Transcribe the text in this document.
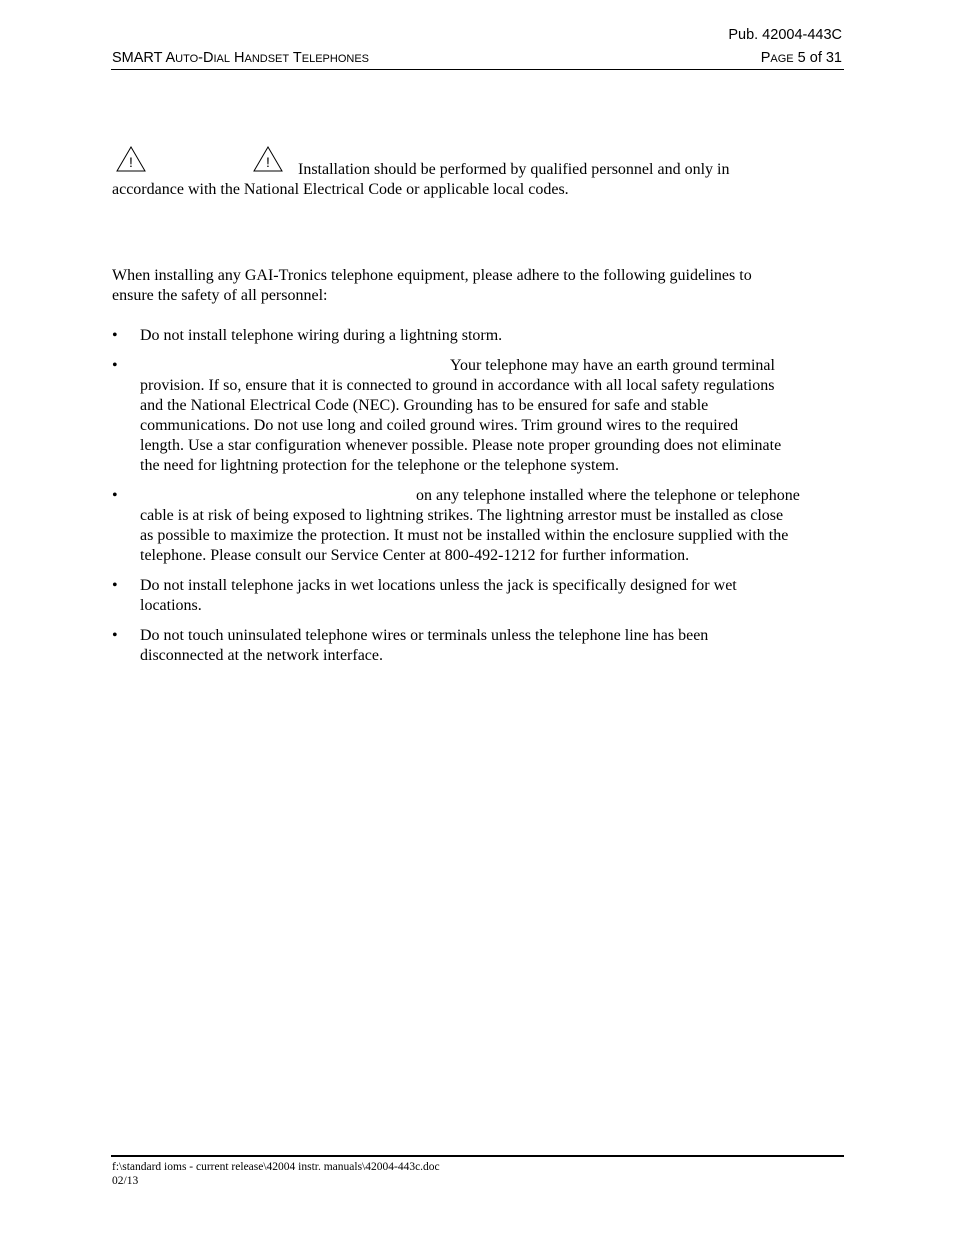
Pub. 42004-443C
SMART AUTO-DIAL HANDSET TELEPHONES	PAGE 5 of 31
!	!	Installation should be performed by qualified personnel and only in
accordance with the National Electrical Code or applicable local codes.
When installing any GAI-Tronics telephone equipment, please adhere to the following guidelines to
ensure the safety of all personnel:
• Do not install telephone wiring during a lightning storm.
•	Your telephone may have an earth ground terminal
provision. If so, ensure that it is connected to ground in accordance with all local safety regulations
and the National Electrical Code (NEC). Grounding has to be ensured for safe and stable
communications. Do not use long and coiled ground wires. Trim ground wires to the required
length. Use a star configuration whenever possible. Please note proper grounding does not eliminate
the need for lightning protection for the telephone or the telephone system.
•	on any telephone installed where the telephone or telephone
cable is at risk of being exposed to lightning strikes. The lightning arrestor must be installed as close
as possible to maximize the protection. It must not be installed within the enclosure supplied with the
telephone. Please consult our Service Center at 800-492-1212 for further information.
• Do not install telephone jacks in wet locations unless the jack is specifically designed for wet
locations.
• Do not touch uninsulated telephone wires or terminals unless the telephone line has been
disconnected at the network interface.
f:\standard ioms - current release\42004 instr. manuals\42004-443c.doc
02/13
